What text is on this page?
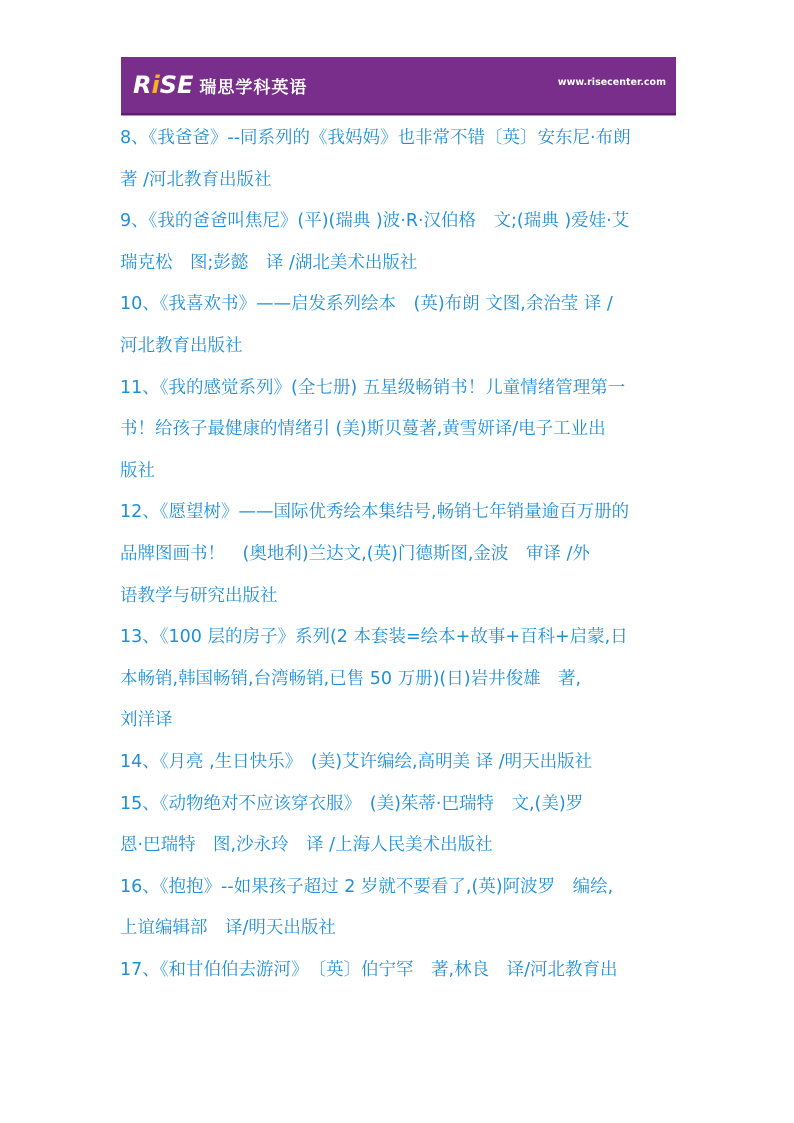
RiSE 瑞思学科英语	www.risecenter.com
8、《我爸爸》--同系列的《我妈妈》也非常不错〔英〕安东尼·布朗
著 /河北教育出版社
9、《我的爸爸叫焦尼》(平)(瑞典 )波·R·汉伯格　文;(瑞典 )爱娃·艾
瑞克松　图;彭懿　译 /湖北美术出版社
10、《我喜欢书》——启发系列绘本　(英)布朗 文图,余治莹 译 /
河北教育出版社
11、《我的感觉系列》(全七册) 五星级畅销书！儿童情绪管理第一
书！给孩子最健康的情绪引 (美)斯贝蔓著,黄雪妍译/电子工业出
版社
12、《愿望树》——国际优秀绘本集结号,畅销七年销量逾百万册的
品牌图画书！　(奥地利)兰达文,(英)门德斯图,金波　审译 /外
语教学与研究出版社
13、《100 层的房子》系列(2 本套装=绘本+故事+百科+启蒙,日
本畅销,韩国畅销,台湾畅销,已售 50 万册)(日)岩井俊雄　著,
刘洋译
14、《月亮 ,生日快乐》　(美)艾许编绘,高明美 译 /明天出版社
15、《动物绝对不应该穿衣服》　(美)茱蒂·巴瑞特　文,(美)罗
恩·巴瑞特　图,沙永玲　译 /上海人民美术出版社
16、《抱抱》--如果孩子超过 2 岁就不要看了,(英)阿波罗　编绘,
上谊编辑部　译/明天出版社
17、《和甘伯伯去游河》　〔英〕伯宁罕　著,林良　译/河北教育出
